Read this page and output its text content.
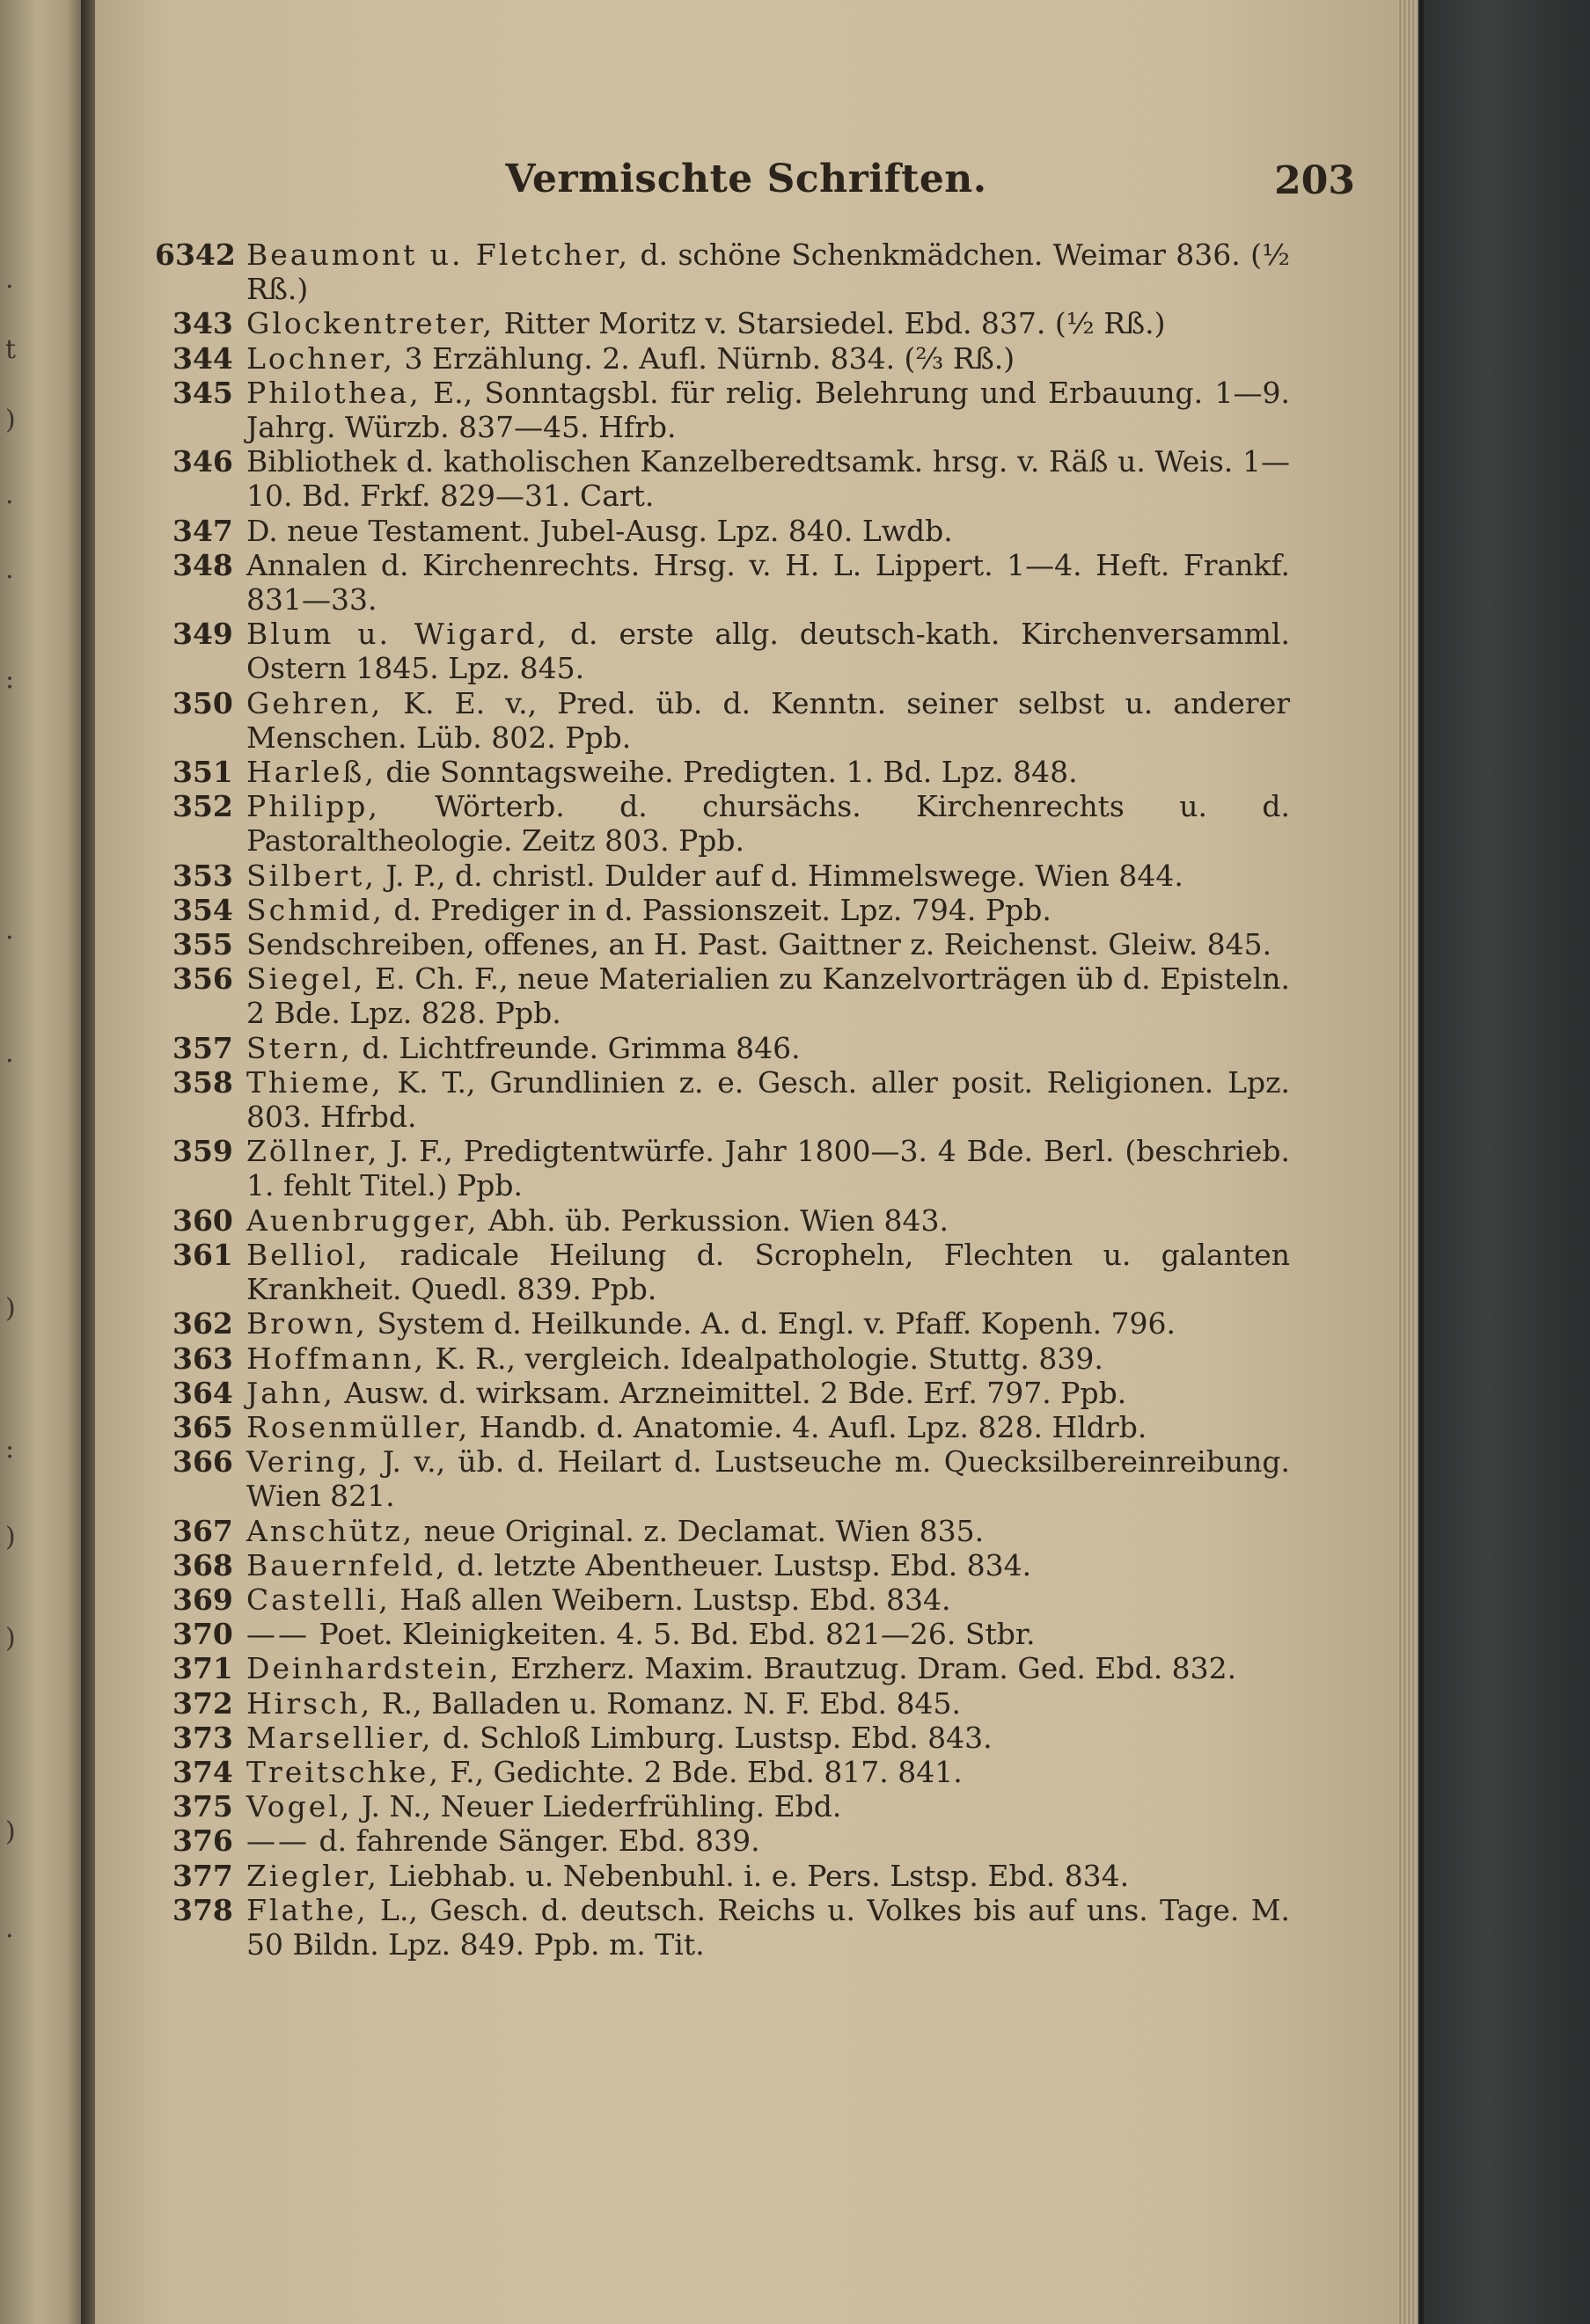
.
t
)
.
.
:
.
.
)
:
)
)
)
.
Vermischte Schriften.	203
6342 Beaumont u. Fletcher, d. schöne Schenkmädchen. Weimar 836. (½ Rß.)
343 Glockentreter, Ritter Moritz v. Starsiedel. Ebd. 837. (½ Rß.)
344 Lochner, 3 Erzählung. 2. Aufl. Nürnb. 834. (⅔ Rß.)
345 Philothea, E., Sonntagsbl. für relig. Belehrung und Erbauung. 1—9. Jahrg. Würzb. 837—45. Hfrb.
346 Bibliothek d. katholischen Kanzelberedtsamk. hrsg. v. Räß u. Weis. 1—10. Bd. Frkf. 829—31. Cart.
347 D. neue Testament. Jubel-Ausg. Lpz. 840. Lwdb.
348 Annalen d. Kirchenrechts. Hrsg. v. H. L. Lippert. 1—4. Heft. Frankf. 831—33.
349 Blum u. Wigard, d. erste allg. deutsch-kath. Kirchenversamml. Ostern 1845. Lpz. 845.
350 Gehren, K. E. v., Pred. üb. d. Kenntn. seiner selbst u. anderer Menschen. Lüb. 802. Ppb.
351 Harleß, die Sonntagsweihe. Predigten. 1. Bd. Lpz. 848.
352 Philipp, Wörterb. d. chursächs. Kirchenrechts u. d. Pastoraltheologie. Zeitz 803. Ppb.
353 Silbert, J. P., d. christl. Dulder auf d. Himmelswege. Wien 844.
354 Schmid, d. Prediger in d. Passionszeit. Lpz. 794. Ppb.
355 Sendschreiben, offenes, an H. Past. Gaittner z. Reichenst. Gleiw. 845.
356 Siegel, E. Ch. F., neue Materialien zu Kanzelvorträgen üb d. Episteln. 2 Bde. Lpz. 828. Ppb.
357 Stern, d. Lichtfreunde. Grimma 846.
358 Thieme, K. T., Grundlinien z. e. Gesch. aller posit. Religionen. Lpz. 803. Hfrbd.
359 Zöllner, J. F., Predigtentwürfe. Jahr 1800—3. 4 Bde. Berl. (beschrieb. 1. fehlt Titel.) Ppb.
360 Auenbrugger, Abh. üb. Perkussion. Wien 843.
361 Belliol, radicale Heilung d. Scropheln, Flechten u. galanten Krankheit. Quedl. 839. Ppb.
362 Brown, System d. Heilkunde. A. d. Engl. v. Pfaff. Kopenh. 796.
363 Hoffmann, K. R., vergleich. Idealpathologie. Stuttg. 839.
364 Jahn, Ausw. d. wirksam. Arzneimittel. 2 Bde. Erf. 797. Ppb.
365 Rosenmüller, Handb. d. Anatomie. 4. Aufl. Lpz. 828. Hldrb.
366 Vering, J. v., üb. d. Heilart d. Lustseuche m. Quecksilbereinreibung. Wien 821.
367 Anschütz, neue Original. z. Declamat. Wien 835.
368 Bauernfeld, d. letzte Abentheuer. Lustsp. Ebd. 834.
369 Castelli, Haß allen Weibern. Lustsp. Ebd. 834.
370 —— Poet. Kleinigkeiten. 4. 5. Bd. Ebd. 821—26. Stbr.
371 Deinhardstein, Erzherz. Maxim. Brautzug. Dram. Ged. Ebd. 832.
372 Hirsch, R., Balladen u. Romanz. N. F. Ebd. 845.
373 Marsellier, d. Schloß Limburg. Lustsp. Ebd. 843.
374 Treitschke, F., Gedichte. 2 Bde. Ebd. 817. 841.
375 Vogel, J. N., Neuer Liederfrühling. Ebd.
376 —— d. fahrende Sänger. Ebd. 839.
377 Ziegler, Liebhab. u. Nebenbuhl. i. e. Pers. Lstsp. Ebd. 834.
378 Flathe, L., Gesch. d. deutsch. Reichs u. Volkes bis auf uns. Tage. M. 50 Bildn. Lpz. 849. Ppb. m. Tit.
